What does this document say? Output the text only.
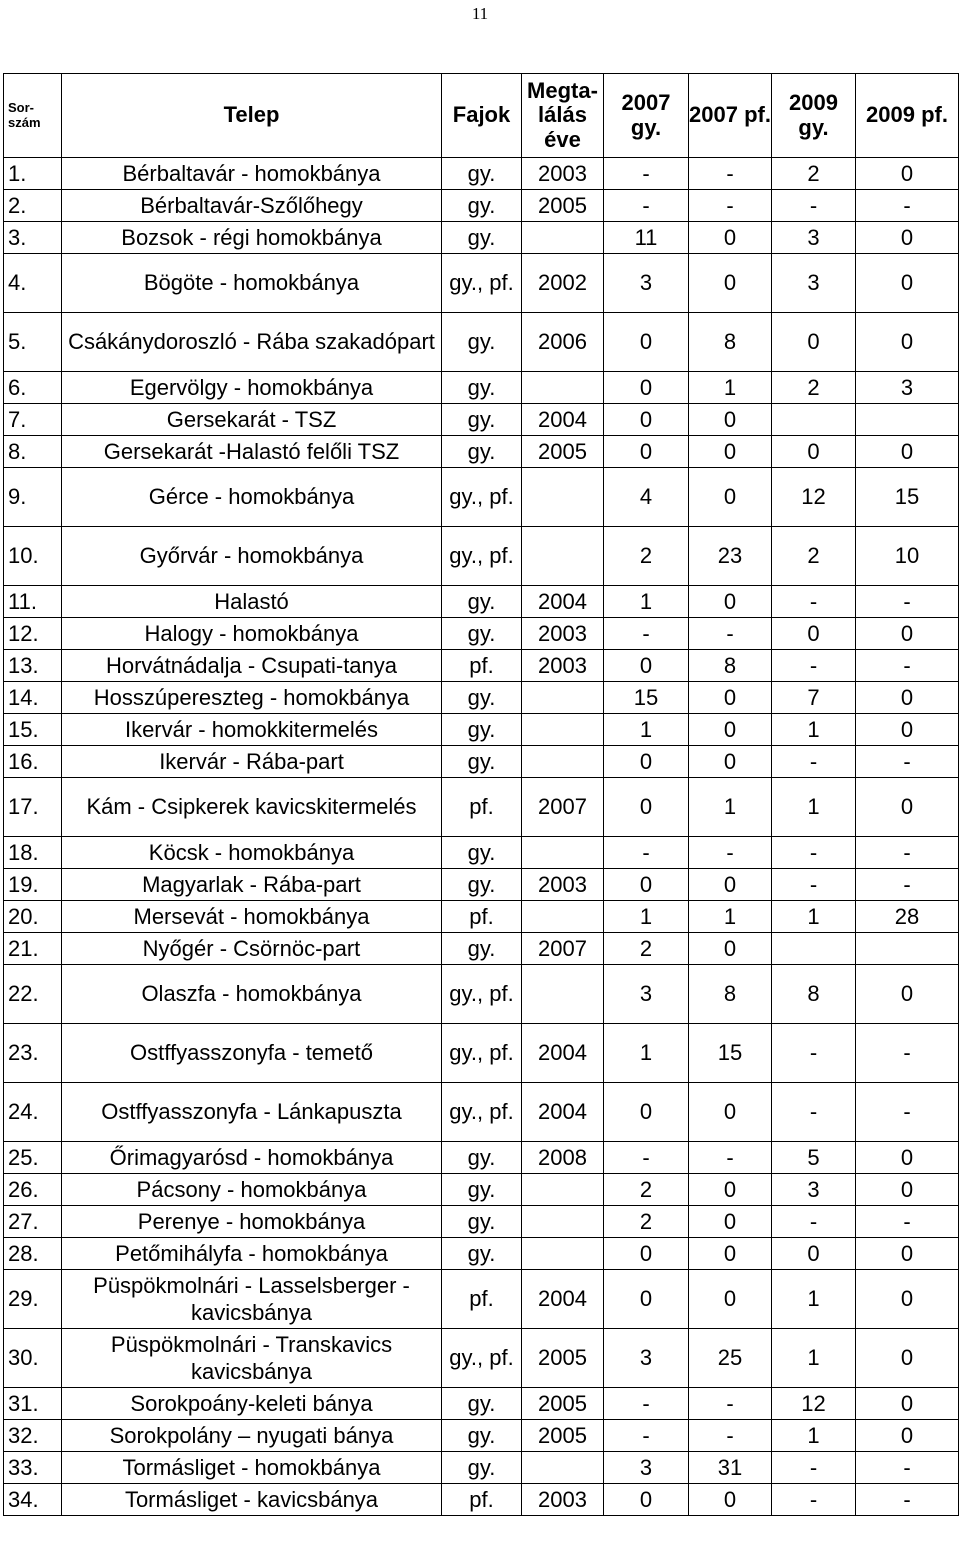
11
Sor-szám	Telep	Fajok	Megta-lálás éve	2007 gy.	2007 pf.	2009 gy.	2009 pf.
1.	Bérbaltavár - homokbánya	gy.	2003	-	-	2	0
2.	Bérbaltavár-Szőlőhegy	gy.	2005	-	-	-	-
3.	Bozsok - régi homokbánya	gy.		11	0	3	0
4.	Bögöte - homokbánya	gy., pf.	2002	3	0	3	0
5.	Csákánydoroszló - Rába szakadópart	gy.	2006	0	8	0	0
6.	Egervölgy - homokbánya	gy.		0	1	2	3
7.	Gersekarát - TSZ	gy.	2004	0	0		
8.	Gersekarát -Halastó felőli TSZ	gy.	2005	0	0	0	0
9.	Gérce - homokbánya	gy., pf.		4	0	12	15
10.	Győrvár - homokbánya	gy., pf.		2	23	2	10
11.	Halastó	gy.	2004	1	0	-	-
12.	Halogy - homokbánya	gy.	2003	-	-	0	0
13.	Horvátnádalja - Csupati-tanya	pf.	2003	0	8	-	-
14.	Hosszúpereszteg - homokbánya	gy.		15	0	7	0
15.	Ikervár - homokkitermelés	gy.		1	0	1	0
16.	Ikervár - Rába-part	gy.		0	0	-	-
17.	Kám - Csipkerek kavicskitermelés	pf.	2007	0	1	1	0
18.	Köcsk - homokbánya	gy.		-	-	-	-
19.	Magyarlak - Rába-part	gy.	2003	0	0	-	-
20.	Mersevát - homokbánya	pf.		1	1	1	28
21.	Nyőgér - Csörnöc-part	gy.	2007	2	0		
22.	Olaszfa - homokbánya	gy., pf.		3	8	8	0
23.	Ostffyasszonyfa - temető	gy., pf.	2004	1	15	-	-
24.	Ostffyasszonyfa - Lánkapuszta	gy., pf.	2004	0	0	-	-
25.	Őrimagyarósd - homokbánya	gy.	2008	-	-	5	0
26.	Pácsony - homokbánya	gy.		2	0	3	0
27.	Perenye - homokbánya	gy.		2	0	-	-
28.	Petőmihályfa - homokbánya	gy.		0	0	0	0
29.	Püspökmolnári - Lasselsberger - kavicsbánya	pf.	2004	0	0	1	0
30.	Püspökmolnári - Transkavics kavicsbánya	gy., pf.	2005	3	25	1	0
31.	Sorokpoány-keleti bánya	gy.	2005	-	-	12	0
32.	Sorokpolány – nyugati bánya	gy.	2005	-	-	1	0
33.	Tormásliget - homokbánya	gy.		3	31	-	-
34.	Tormásliget - kavicsbánya	pf.	2003	0	0	-	-
